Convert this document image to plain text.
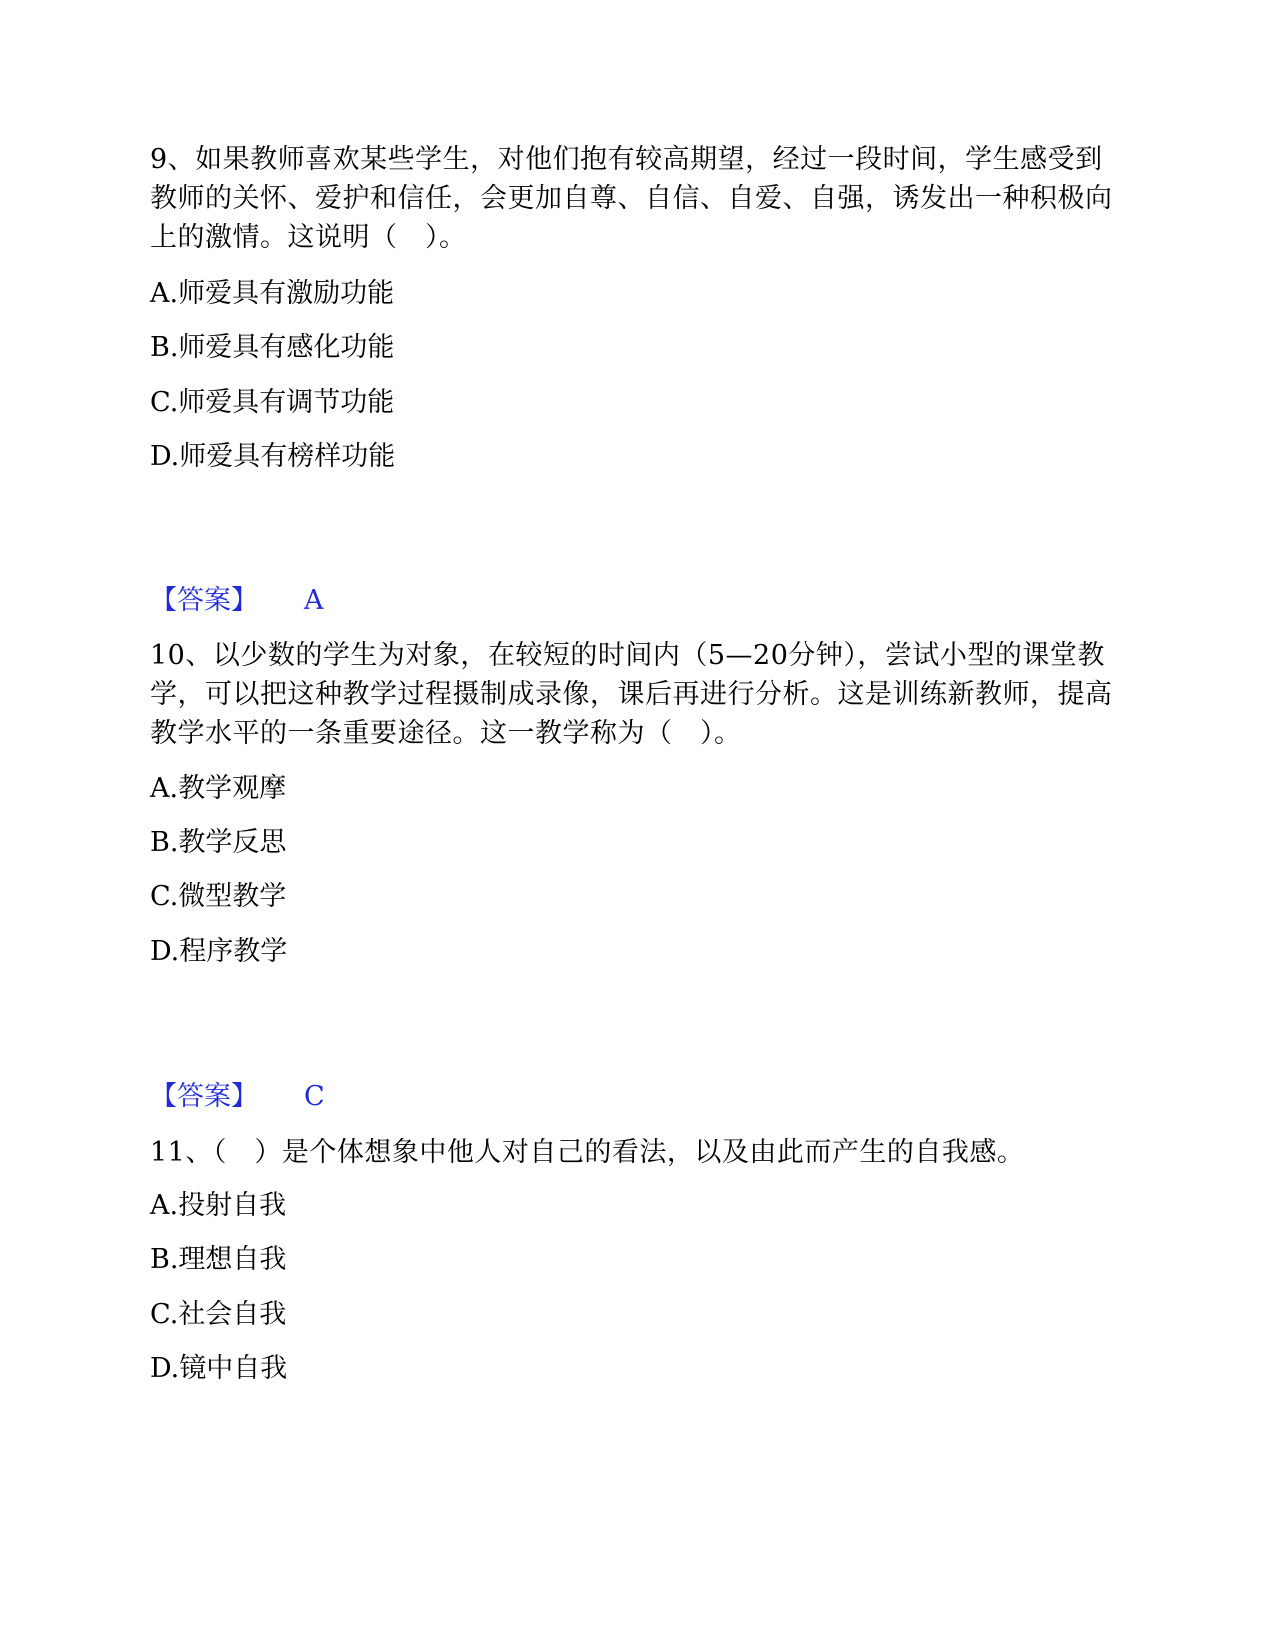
9、如果教师喜欢某些学生，对他们抱有较高期望，经过一段时间，学生感受到教师的关怀、爱护和信任，会更加自尊、自信、自爱、自强，诱发出一种积极向上的激情。这说明（　）。
A.师爱具有激励功能
B.师爱具有感化功能
C.师爱具有调节功能
D.师爱具有榜样功能
【答案】 A
10、以少数的学生为对象，在较短的时间内（5—20分钟），尝试小型的课堂教学，可以把这种教学过程摄制成录像，课后再进行分析。这是训练新教师，提高教学水平的一条重要途径。这一教学称为（　）。
A.教学观摩
B.教学反思
C.微型教学
D.程序教学
【答案】 C
11、（　）是个体想象中他人对自己的看法，以及由此而产生的自我感。
A.投射自我
B.理想自我
C.社会自我
D.镜中自我
